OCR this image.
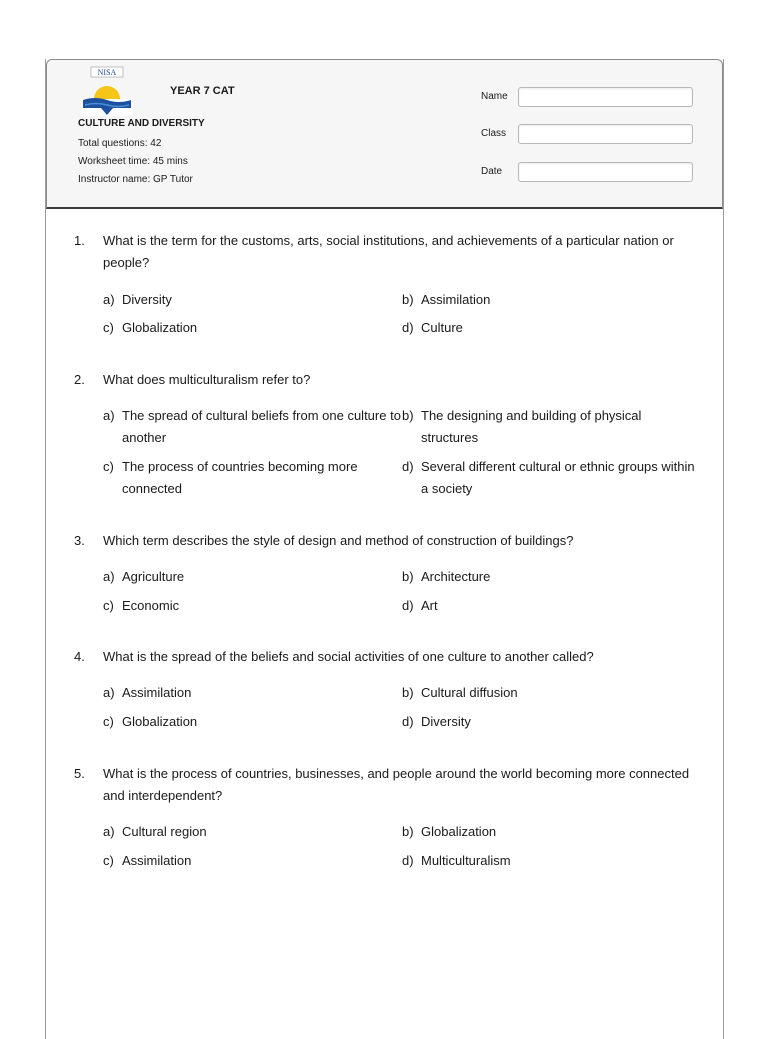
NISA
YEAR 7 CAT
CULTURE AND DIVERSITY
Total questions: 42
Worksheet time: 45 mins
Instructor name: GP Tutor
Name
Class
Date
1. What is the term for the customs, arts, social institutions, and achievements of a particular nation or people?
a) Diversity	b) Assimilation
c) Globalization	d) Culture
2. What does multiculturalism refer to?
a) The spread of cultural beliefs from one culture to another
b) The designing and building of physical structures
c) The process of countries becoming more connected
d) Several different cultural or ethnic groups within a society
3. Which term describes the style of design and method of construction of buildings?
a) Agriculture	b) Architecture
c) Economic	d) Art
4. What is the spread of the beliefs and social activities of one culture to another called?
a) Assimilation	b) Cultural diffusion
c) Globalization	d) Diversity
5. What is the process of countries, businesses, and people around the world becoming more connected and interdependent?
a) Cultural region	b) Globalization
c) Assimilation	d) Multiculturalism
